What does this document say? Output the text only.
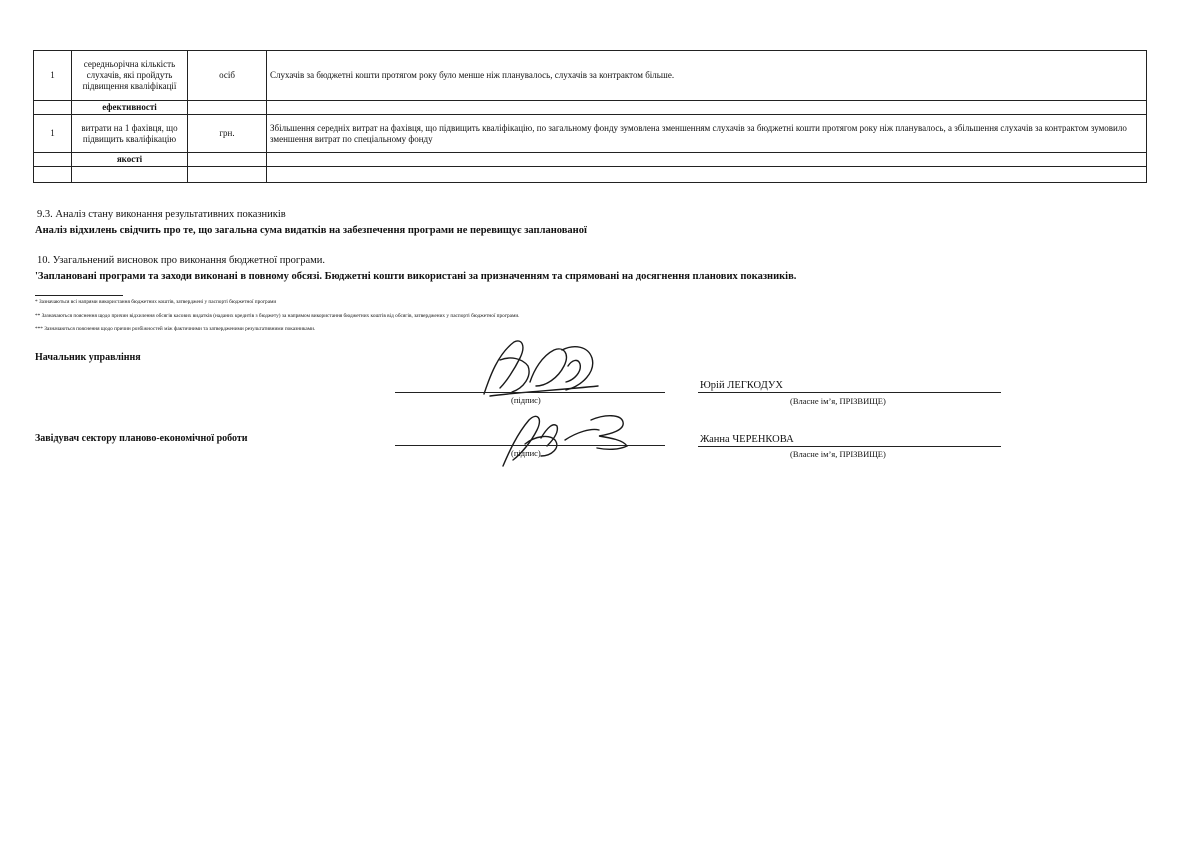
1	середньорічна кількість слухачів, які пройдуть підвищення кваліфікації	осіб	Слухачів за бюджетні кошти протягом року було менше ніж планувалось, слухачів за контрактом більше.
	ефективності		
1	витрати на 1 фахівця, що підвищить кваліфікацію	грн.	Збільшення середніх витрат на фахівця, що підвищить кваліфікацію, по загальному фонду зумовлена зменшенням слухачів за бюджетні кошти протягом року ніж планувалось, а збільшення слухачів за контрактом зумовило зменшення витрат по спеціальному фонду
	якості		

9.3. Аналіз стану виконання результативних показників
Аналіз відхилень свідчить про те, що загальна сума видатків на забезпечення програми не перевищує запланованої
10. Узагальнений висновок про виконання бюджетної програми.
'Заплановані програми та заходи виконані в повному обсязі. Бюджетні кошти використані за призначенням та спрямовані на досягнення планових показників.
* Зазначаються всі напрями використання бюджетних коштів, затверджені у паспорті бюджетної програми
** Зазначаються пояснення щодо причин відхилення обсягів касових видатків (наданих кредитів з бюджету) за напрямом використання бюджетних коштів від обсягів, затверджених у паспорті бюджетної програми.
*** Зазначаються пояснення щодо причин розбіжностей між фактичними та затвердженими результативними показниками.
Начальник управління
(підпис)
Юрій ЛЕГКОДУХ
(Власне ім’я, ПРІЗВИЩЕ)
Завідувач сектору планово-економічної роботи
(підпис)
Жанна ЧЕРЕНКОВА
(Власне ім’я, ПРІЗВИЩЕ)
